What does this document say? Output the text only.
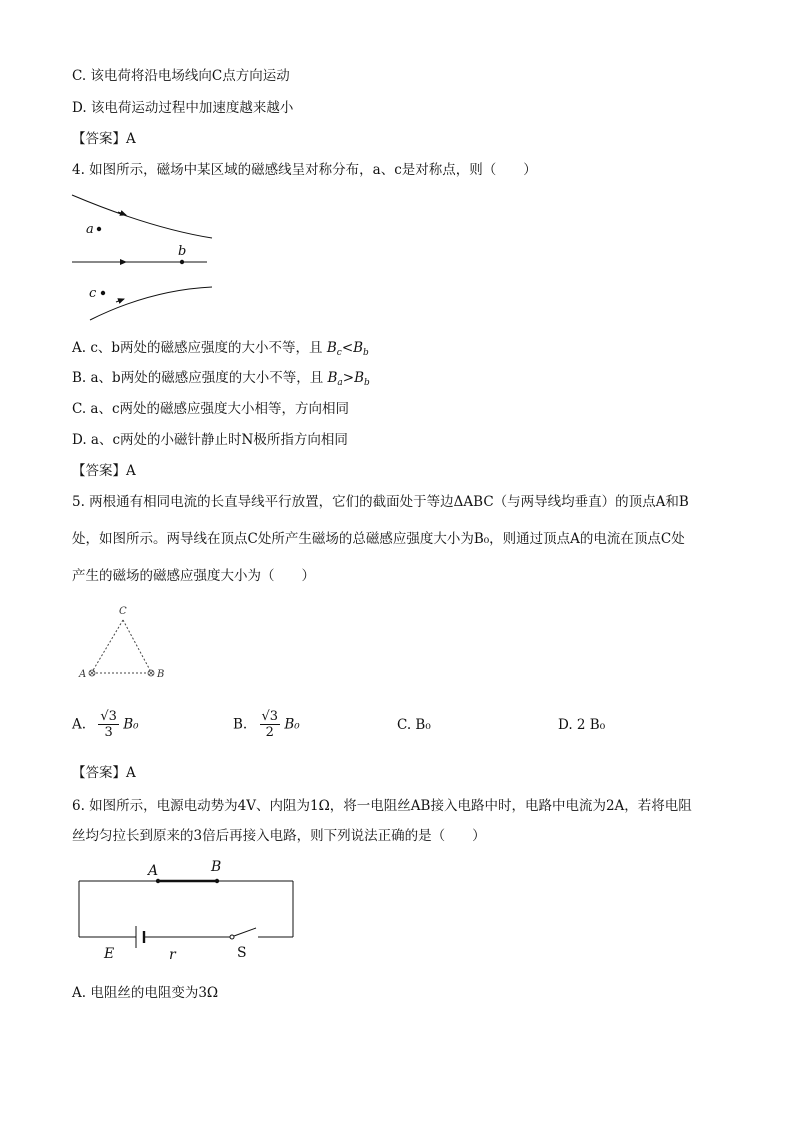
C. 该电荷将沿电场线向C点方向运动
D. 该电荷运动过程中加速度越来越小
【答案】A
4. 如图所示，磁场中某区域的磁感线呈对称分布，a、c是对称点，则（　　）
a
b
c
A. c、b两处的磁感应强度的大小不等，且 $B_c<B_b$
B. a、b两处的磁感应强度的大小不等，且 $B_a>B_b$
C. a、c两处的磁感应强度大小相等，方向相同
D. a、c两处的小磁针静止时N极所指方向相同
【答案】A
5. 两根通有相同电流的长直导线平行放置，它们的截面处于等边ΔABC（与两导线均垂直）的顶点A和B
处，如图所示。两导线在顶点C处所产生磁场的总磁感应强度大小为B₀，则通过顶点A的电流在顶点C处
产生的磁场的磁感应强度大小为（　　）
C
A	B
A. $\frac{√3}{3} B_0$	B. $\frac{√3}{2} B_0$	C. B₀	D. 2 B₀
【答案】A
6. 如图所示，电源电动势为4V、内阻为1Ω，将一电阻丝AB接入电路中时，电路中电流为2A，若将电阻
丝均匀拉长到原来的3倍后再接入电路，则下列说法正确的是（　　）
A	B
E	r	S
A. 电阻丝的电阻变为3Ω
